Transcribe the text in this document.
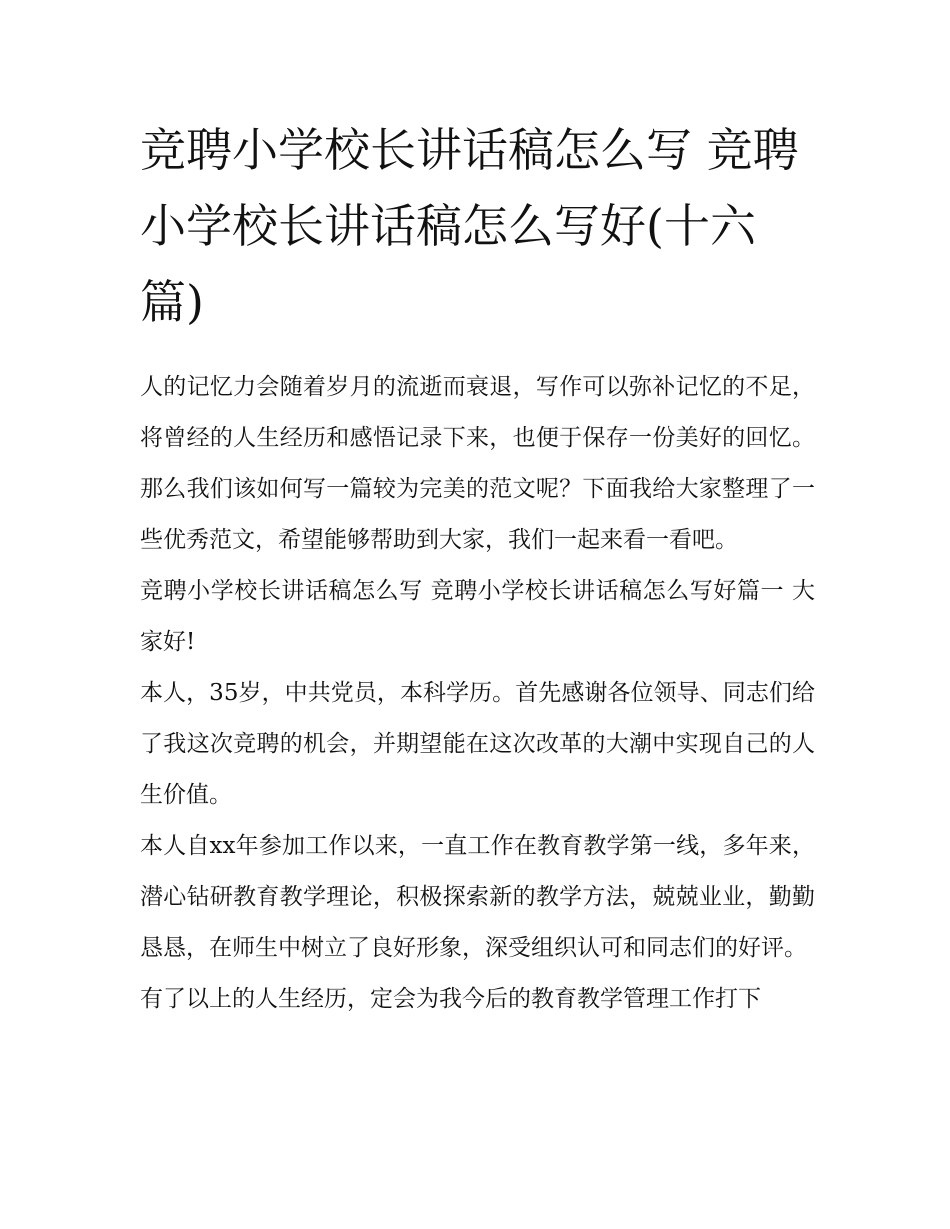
竞聘小学校长讲话稿怎么写 竞聘小学校长讲话稿怎么写好(十六篇)

人的记忆力会随着岁月的流逝而衰退，写作可以弥补记忆的不足，将曾经的人生经历和感悟记录下来，也便于保存一份美好的回忆。那么我们该如何写一篇较为完美的范文呢？下面我给大家整理了一些优秀范文，希望能够帮助到大家，我们一起来看一看吧。

竞聘小学校长讲话稿怎么写 竞聘小学校长讲话稿怎么写好篇一 大家好!

本人，35岁，中共党员，本科学历。首先感谢各位领导、同志们给了我这次竞聘的机会，并期望能在这次改革的大潮中实现自己的人生价值。

本人自xx年参加工作以来，一直工作在教育教学第一线，多年来，潜心钻研教育教学理论，积极探索新的教学方法，兢兢业业，勤勤恳恳，在师生中树立了良好形象，深受组织认可和同志们的好评。

有了以上的人生经历，定会为我今后的教育教学管理工作打下
